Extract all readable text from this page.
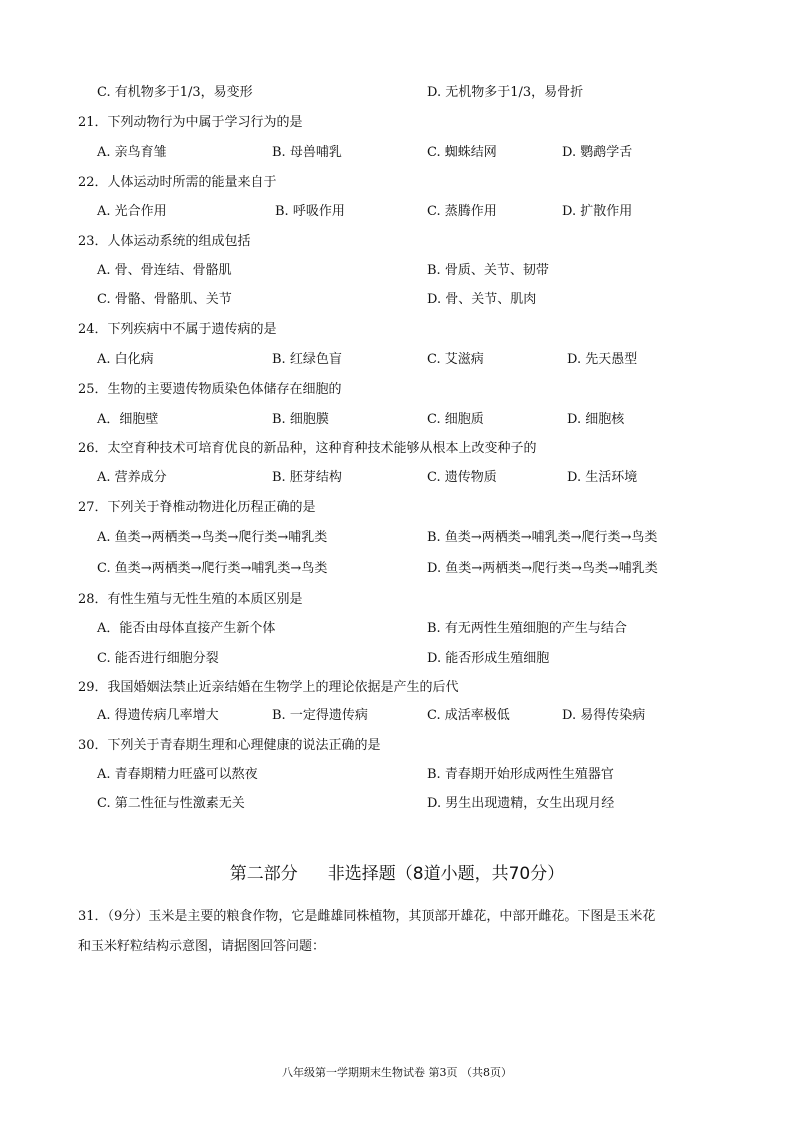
C. 有机物多于1/3，易变形	D. 无机物多于1/3，易骨折
21．下列动物行为中属于学习行为的是
A. 亲鸟育雏	B. 母兽哺乳	C. 蜘蛛结网	D. 鹦鹉学舌
22．人体运动时所需的能量来自于
A. 光合作用	B. 呼吸作用	C. 蒸腾作用	D. 扩散作用
23．人体运动系统的组成包括
A. 骨、骨连结、骨骼肌	B. 骨质、关节、韧带
C. 骨骼、骨骼肌、关节	D. 骨、关节、肌肉
24．下列疾病中不属于遗传病的是
A. 白化病	B. 红绿色盲	C. 艾滋病	D. 先天愚型
25．生物的主要遗传物质染色体储存在细胞的
A．细胞壁	B. 细胞膜	C. 细胞质	D. 细胞核
26．太空育种技术可培育优良的新品种，这种育种技术能够从根本上改变种子的
A. 营养成分	B. 胚芽结构	C. 遗传物质	D. 生活环境
27．下列关于脊椎动物进化历程正确的是
A. 鱼类→两栖类→鸟类→爬行类→哺乳类	B. 鱼类→两栖类→哺乳类→爬行类→鸟类
C. 鱼类→两栖类→爬行类→哺乳类→鸟类	D. 鱼类→两栖类→爬行类→鸟类→哺乳类
28．有性生殖与无性生殖的本质区别是
A．能否由母体直接产生新个体	B. 有无两性生殖细胞的产生与结合
C. 能否进行细胞分裂	D. 能否形成生殖细胞
29．我国婚姻法禁止近亲结婚在生物学上的理论依据是产生的后代
A. 得遗传病几率增大	B. 一定得遗传病	C. 成活率极低	D. 易得传染病
30．下列关于青春期生理和心理健康的说法正确的是
A. 青春期精力旺盛可以熬夜	B. 青春期开始形成两性生殖器官
C. 第二性征与性激素无关	D. 男生出现遗精，女生出现月经
第二部分 非选择题（8道小题，共70分）
31．（9分）玉米是主要的粮食作物，它是雌雄同株植物，其顶部开雄花，中部开雌花。下图是玉米花
和玉米籽粒结构示意图，请据图回答问题：
八年级第一学期期末生物试卷 第3页 （共8页）
